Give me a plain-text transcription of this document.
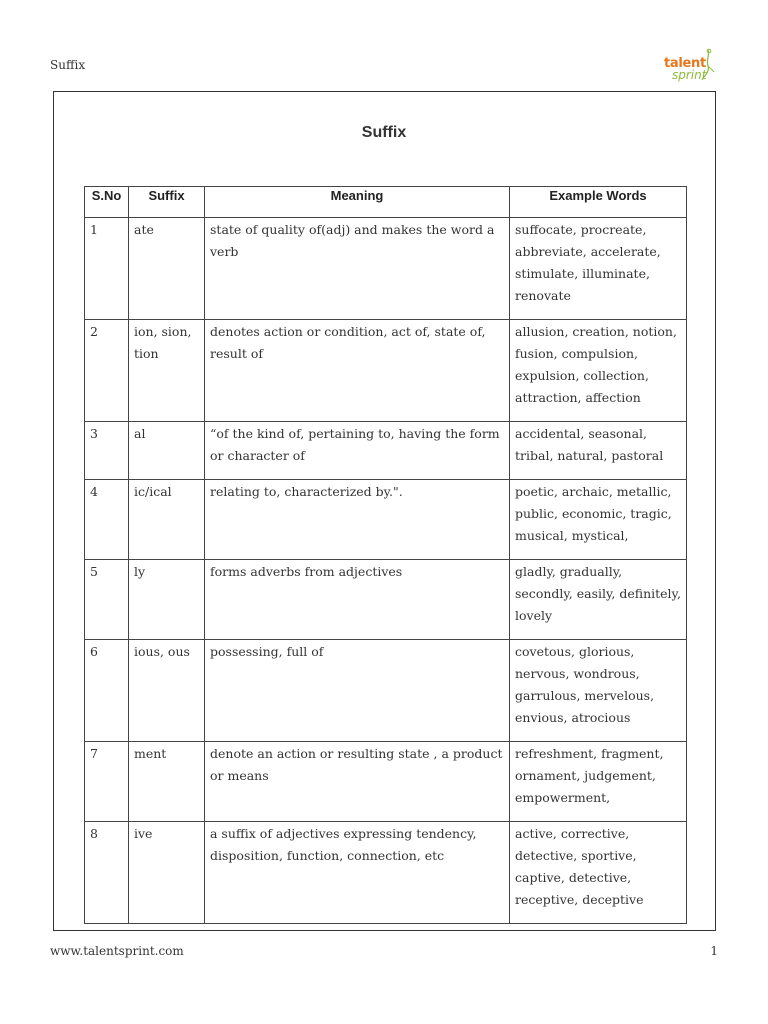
Suffix	talent
sprint
Suffix
S.No	Suffix	Meaning	Example Words
1	ate	state of quality of(adj) and makes the word a verb	suffocate, procreate, abbreviate, accelerate, stimulate, illuminate, renovate
2	ion, sion, tion	denotes action or condition, act of, state of, result of	allusion, creation, notion, fusion, compulsion, expulsion, collection, attraction, affection
3	al	“of the kind of, pertaining to, having the form or character of	accidental, seasonal, tribal, natural, pastoral
4	ic/ical	relating to, characterized by.".	poetic, archaic, metallic, public, economic, tragic, musical, mystical,
5	ly	forms adverbs from adjectives	gladly, gradually, secondly, easily, definitely, lovely
6	ious, ous	possessing, full of	covetous, glorious, nervous, wondrous, garrulous, mervelous, envious, atrocious
7	ment	denote an action or resulting state , a product or means	refreshment, fragment, ornament, judgement, empowerment,
8	ive	a suffix of adjectives expressing tendency, disposition, function, connection, etc	active, corrective, detective, sportive, captive, detective, receptive, deceptive
www.talentsprint.com	1
